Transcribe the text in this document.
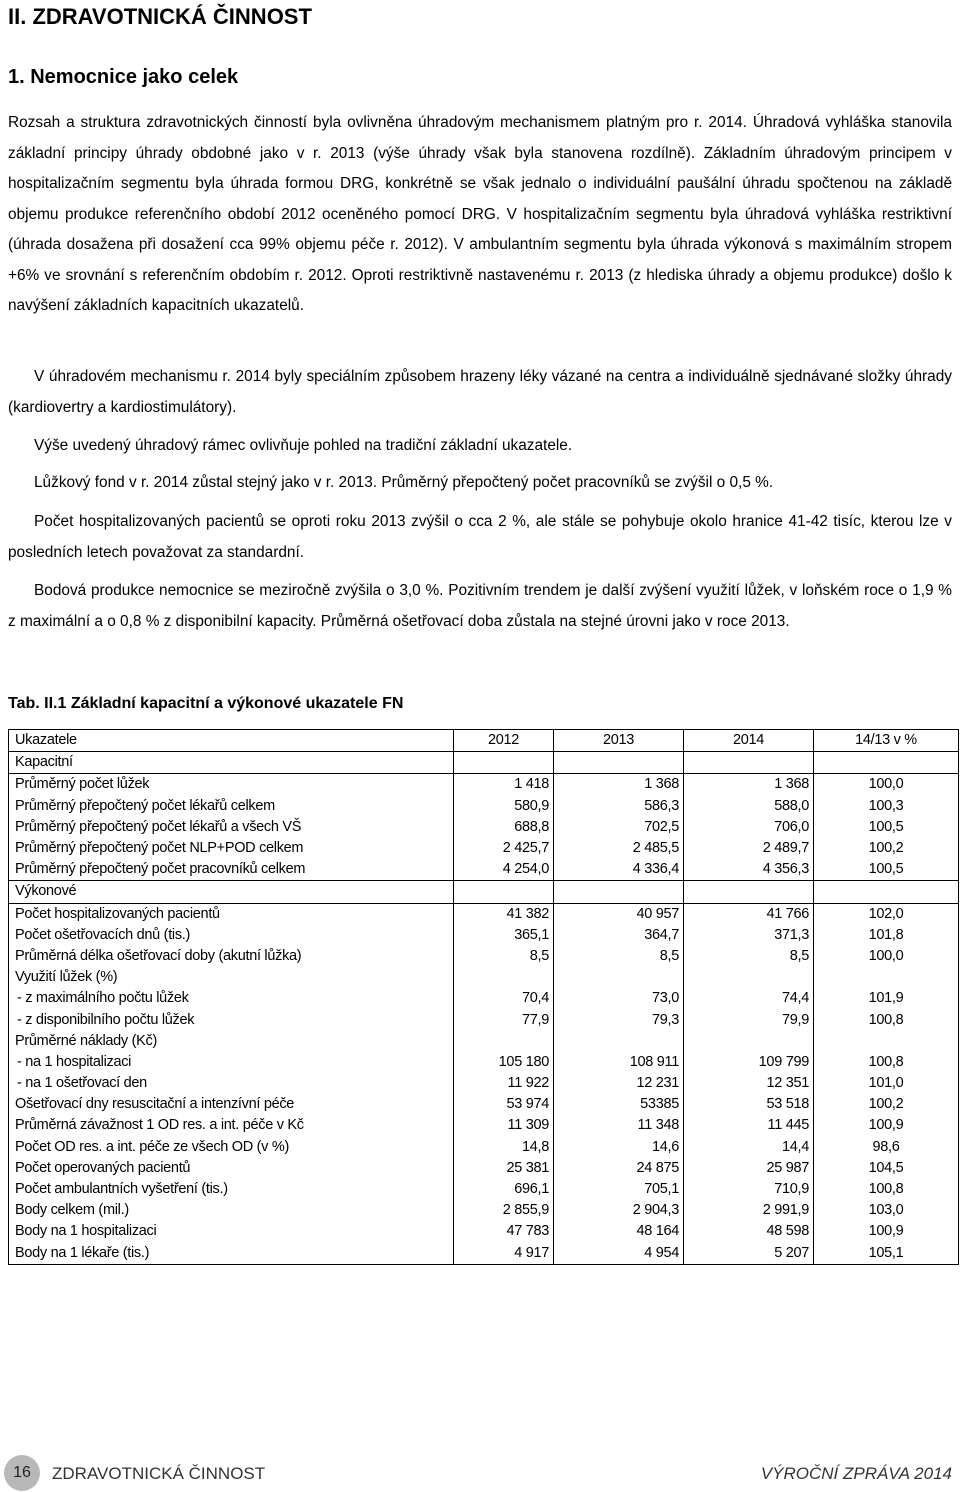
II. ZDRAVOTNICKÁ ČINNOST
1. Nemocnice jako celek

Rozsah a struktura zdravotnických činností byla ovlivněna úhradovým mechanismem platným pro r. 2014. Úhradová vyhláška stanovila základní principy úhrady obdobné jako v r. 2013 (výše úhrady však byla stanovena rozdílně). Základním úhradovým principem v hospitalizačním segmentu byla úhrada formou DRG, konkrétně se však jednalo o individuální paušální úhradu spočtenou na základě objemu produkce referenčního období 2012 oceněného pomocí DRG. V hospitalizačním segmentu byla úhradová vyhláška restriktivní (úhrada dosažena při dosažení cca 99% objemu péče r. 2012). V ambulantním segmentu byla úhrada výkonová s maximálním stropem +6% ve srovnání s referenčním obdobím r. 2012. Oproti restriktivně nastavenému r. 2013 (z hlediska úhrady a objemu produkce) došlo k navýšení základních kapacitních ukazatelů.

V úhradovém mechanismu r. 2014 byly speciálním způsobem hrazeny léky vázané na centra a individuálně sjednávané složky úhrady (kardiovertry a kardiostimulátory).

Výše uvedený úhradový rámec ovlivňuje pohled na tradiční základní ukazatele.

Lůžkový fond v r. 2014 zůstal stejný jako v r. 2013. Průměrný přepočtený počet pracovníků se zvýšil o 0,5 %.

Počet hospitalizovaných pacientů se oproti roku 2013 zvýšil o cca 2 %, ale stále se pohybuje okolo hranice 41-42 tisíc, kterou lze v posledních letech považovat za standardní.

Bodová produkce nemocnice se meziročně zvýšila o 3,0 %. Pozitivním trendem je další zvýšení využití lůžek, v loňském roce o 1,9 % z maximální a o 0,8 % z disponibilní kapacity. Průměrná ošetřovací doba zůstala na stejné úrovni jako v roce 2013.

Tab. II.1 Základní kapacitní a výkonové ukazatele FN

Ukazatele	2012	2013	2014	14/13 v %
Kapacitní				
Průměrný počet lůžek	1 418	1 368	1 368	100,0
Průměrný přepočtený počet lékařů celkem	580,9	586,3	588,0	100,3
Průměrný přepočtený počet lékařů a všech VŠ	688,8	702,5	706,0	100,5
Průměrný přepočtený počet NLP+POD celkem	2 425,7	2 485,5	2 489,7	100,2
Průměrný přepočtený počet pracovníků celkem	4 254,0	4 336,4	4 356,3	100,5
Výkonové				
Počet hospitalizovaných pacientů	41 382	40 957	41 766	102,0
Počet ošetřovacích dnů (tis.)	365,1	364,7	371,3	101,8
Průměrná délka ošetřovací doby (akutní lůžka)	8,5	8,5	8,5	100,0
Využití lůžek (%)				
- z maximálního počtu lůžek	70,4	73,0	74,4	101,9
- z disponibilního počtu lůžek	77,9	79,3	79,9	100,8
Průměrné náklady (Kč)				
- na 1 hospitalizaci	105 180	108 911	109 799	100,8
- na 1 ošetřovací den	11 922	12 231	12 351	101,0
Ošetřovací dny resuscitační a intenzívní péče	53 974	53385	53 518	100,2
Průměrná závažnost 1 OD res. a int. péče v Kč	11 309	11 348	11 445	100,9
Počet OD res. a int. péče ze všech OD (v %)	14,8	14,6	14,4	98,6
Počet operovaných pacientů	25 381	24 875	25 987	104,5
Počet ambulantních vyšetření (tis.)	696,1	705,1	710,9	100,8
Body celkem (mil.)	2 855,9	2 904,3	2 991,9	103,0
Body na 1 hospitalizaci	47 783	48 164	48 598	100,9
Body na 1 lékaře (tis.)	4 917	4 954	5 207	105,1
16	ZDRAVOTNICKÁ ČINNOST	VÝROČNÍ ZPRÁVA 2014
